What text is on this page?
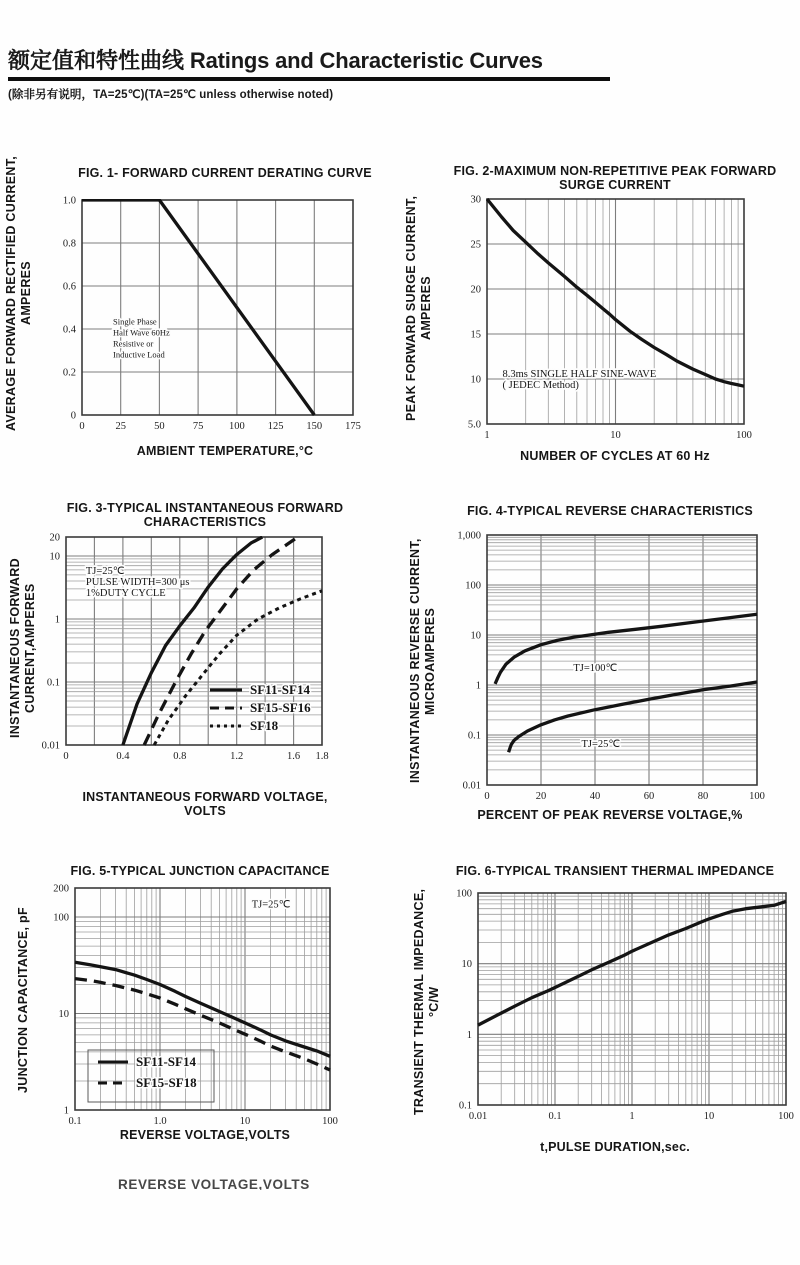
额定值和特性曲线 Ratings and Characteristic Curves
(除非另有说明，TA=25℃)(TA=25℃ unless otherwise noted)
FIG. 1- FORWARD CURRENT DERATING CURVE
AVERAGE FORWARD RECTIFIED CURRENT, AMPERES
0	25	50	75 100 125 150 175
0
0.2
0.4
0.6
0.8
1.0
Single Phase
Half Wave 60Hz
Resistive or
Inductive Load
AMBIENT TEMPERATURE,°C
FIG. 2-MAXIMUM NON-REPETITIVE PEAK FORWARD
SURGE CURRENT
PEAK FORWARD SURGE CURRENT, AMPERES
1	10	100
5.0
10
15
20
25
30
8.3ms SINGLE HALF SINE-WAVE
( JEDEC Method)
NUMBER OF CYCLES AT 60 Hz
FIG. 3-TYPICAL INSTANTANEOUS FORWARD
CHARACTERISTICS
INSTANTANEOUS FORWARD CURRENT,AMPERES
0	0.4	0.8	1.2	1.6 1.8
0.01
0.1
1
10
20
TJ=25℃
PULSE WIDTH=300 μs
1%DUTY CYCLE
SF11-SF14
SF15-SF16
SF18
INSTANTANEOUS FORWARD VOLTAGE,
VOLTS
FIG. 4-TYPICAL REVERSE CHARACTERISTICS
INSTANTANEOUS REVERSE CURRENT, MICROAMPERES
0	20	40	60	80	100
0.01
0.1
1
10
100
1,000
TJ=100℃
TJ=25℃
PERCENT OF PEAK REVERSE VOLTAGE,%
FIG. 5-TYPICAL JUNCTION CAPACITANCE
JUNCTION CAPACITANCE, pF
0.1	1.0	10	100
1
10
100
200
TJ=25℃
SF11-SF14
SF15-SF18
REVERSE VOLTAGE,VOLTS
FIG. 6-TYPICAL TRANSIENT THERMAL IMPEDANCE
TRANSIENT THERMAL IMPEDANCE, °C/W
0.01	0.1	1	10	100
0.1
1
10
100
t,PULSE DURATION,sec.
REVERSE VOLTAGE,VOLTS
